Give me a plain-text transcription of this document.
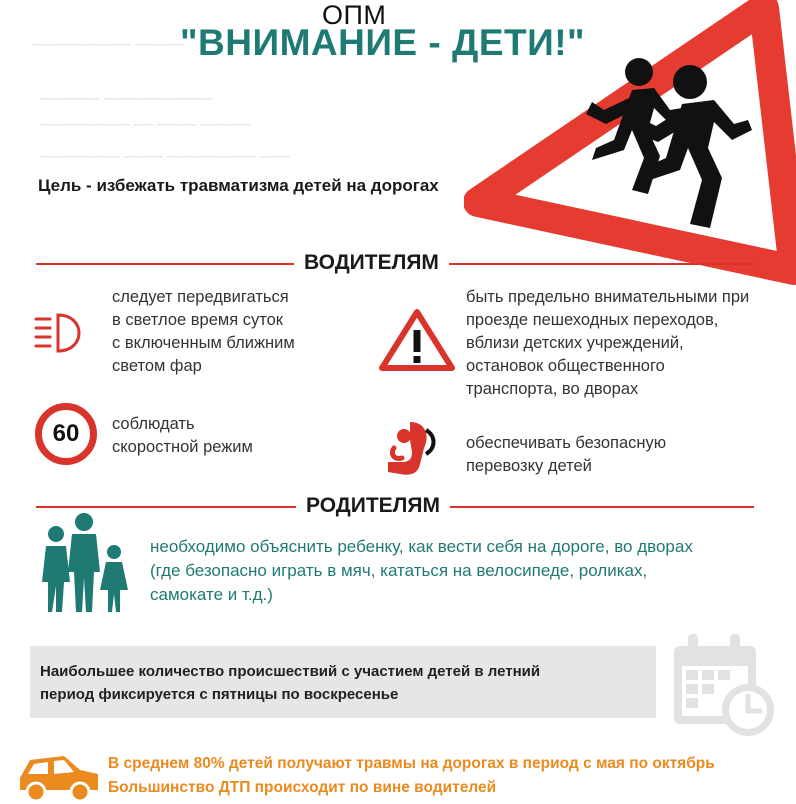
────────── ─────
────── ───────────
───────── ── ──── ─────
──────── ──── ───────── ───
ОПМ
"ВНИМАНИЕ - ДЕТИ!"
Цель - избежать травматизма детей на дорогах
ВОДИТЕЛЯМ
следует передвигаться
в светлое время суток
с включенным ближним
светом фар
60 соблюдать
скоростной режим
быть предельно внимательными при
проезде пешеходных переходов,
вблизи детских учреждений,
остановок общественного
транспорта, во дворах
обеспечивать безопасную
перевозку детей
РОДИТЕЛЯМ
необходимо объяснить ребенку, как вести себя на дороге, во дворах
(где безопасно играть в мяч, кататься на велосипеде, роликах,
самокате и т.д.)
Наибольшее количество происшествий с участием детей в летний
период фиксируется с пятницы по воскресенье
В среднем 80% детей получают травмы на дорогах в период с мая по октябрь
Большинство ДТП происходит по вине водителей
